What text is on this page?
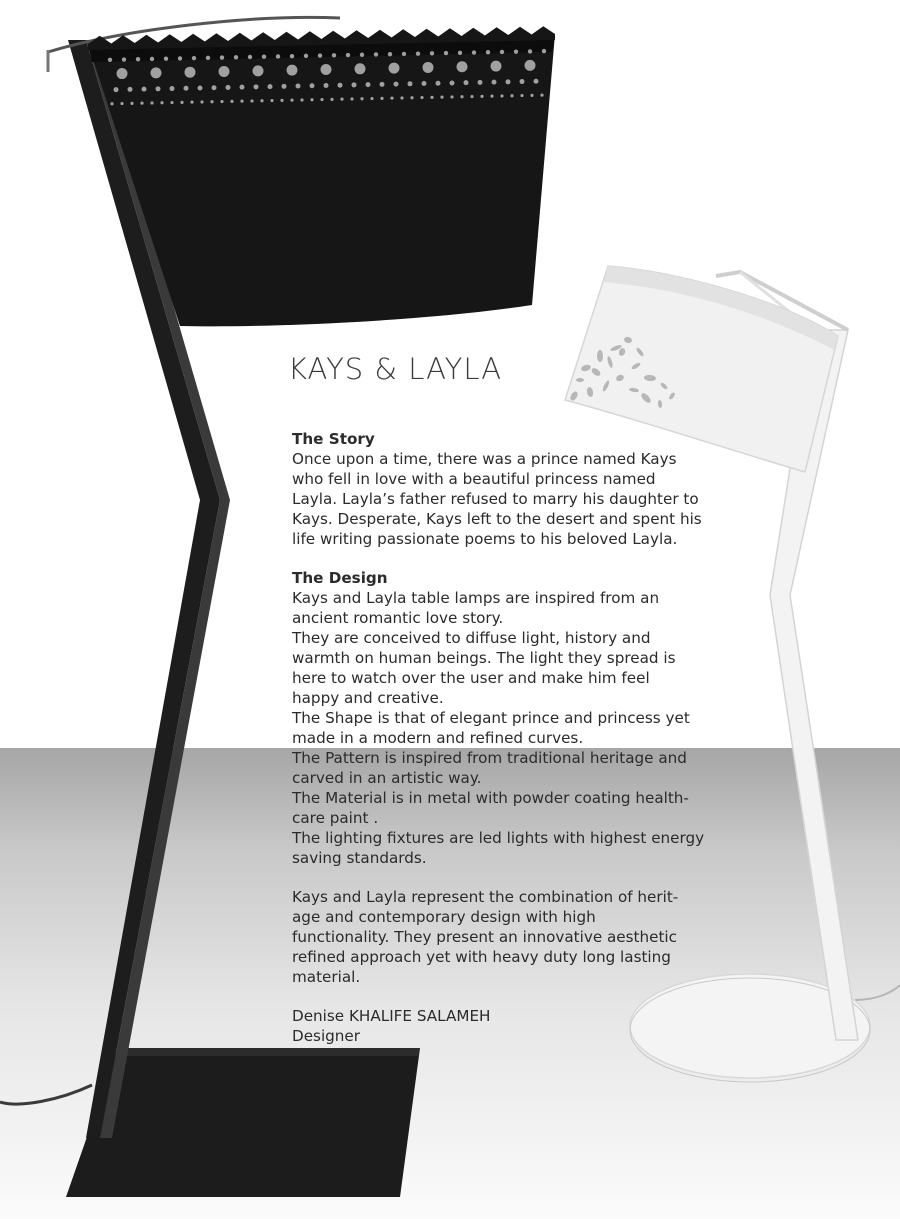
KAYS & LAYLA
The Story
Once upon a time, there was a prince named Kays
who fell in love with a beautiful princess named
Layla. Layla’s father refused to marry his daughter to
Kays. Desperate, Kays left to the desert and spent his
life writing passionate poems to his beloved Layla.
The Design
Kays and Layla table lamps are inspired from an
ancient romantic love story.
They are conceived to diffuse light, history and
warmth on human beings. The light they spread is
here to watch over the user and make him feel
happy and creative.
The Shape is that of elegant prince and princess yet
made in a modern and refined curves.
The Pattern is inspired from traditional heritage and
carved in an artistic way.
The Material is in metal with powder coating health-
care paint .
The lighting fixtures are led lights with highest energy
saving standards.
Kays and Layla represent the combination of herit-
age and contemporary design with high
functionality. They present an innovative aesthetic
refined approach yet with heavy duty long lasting
material.
Denise KHALIFE SALAMEH
Designer
